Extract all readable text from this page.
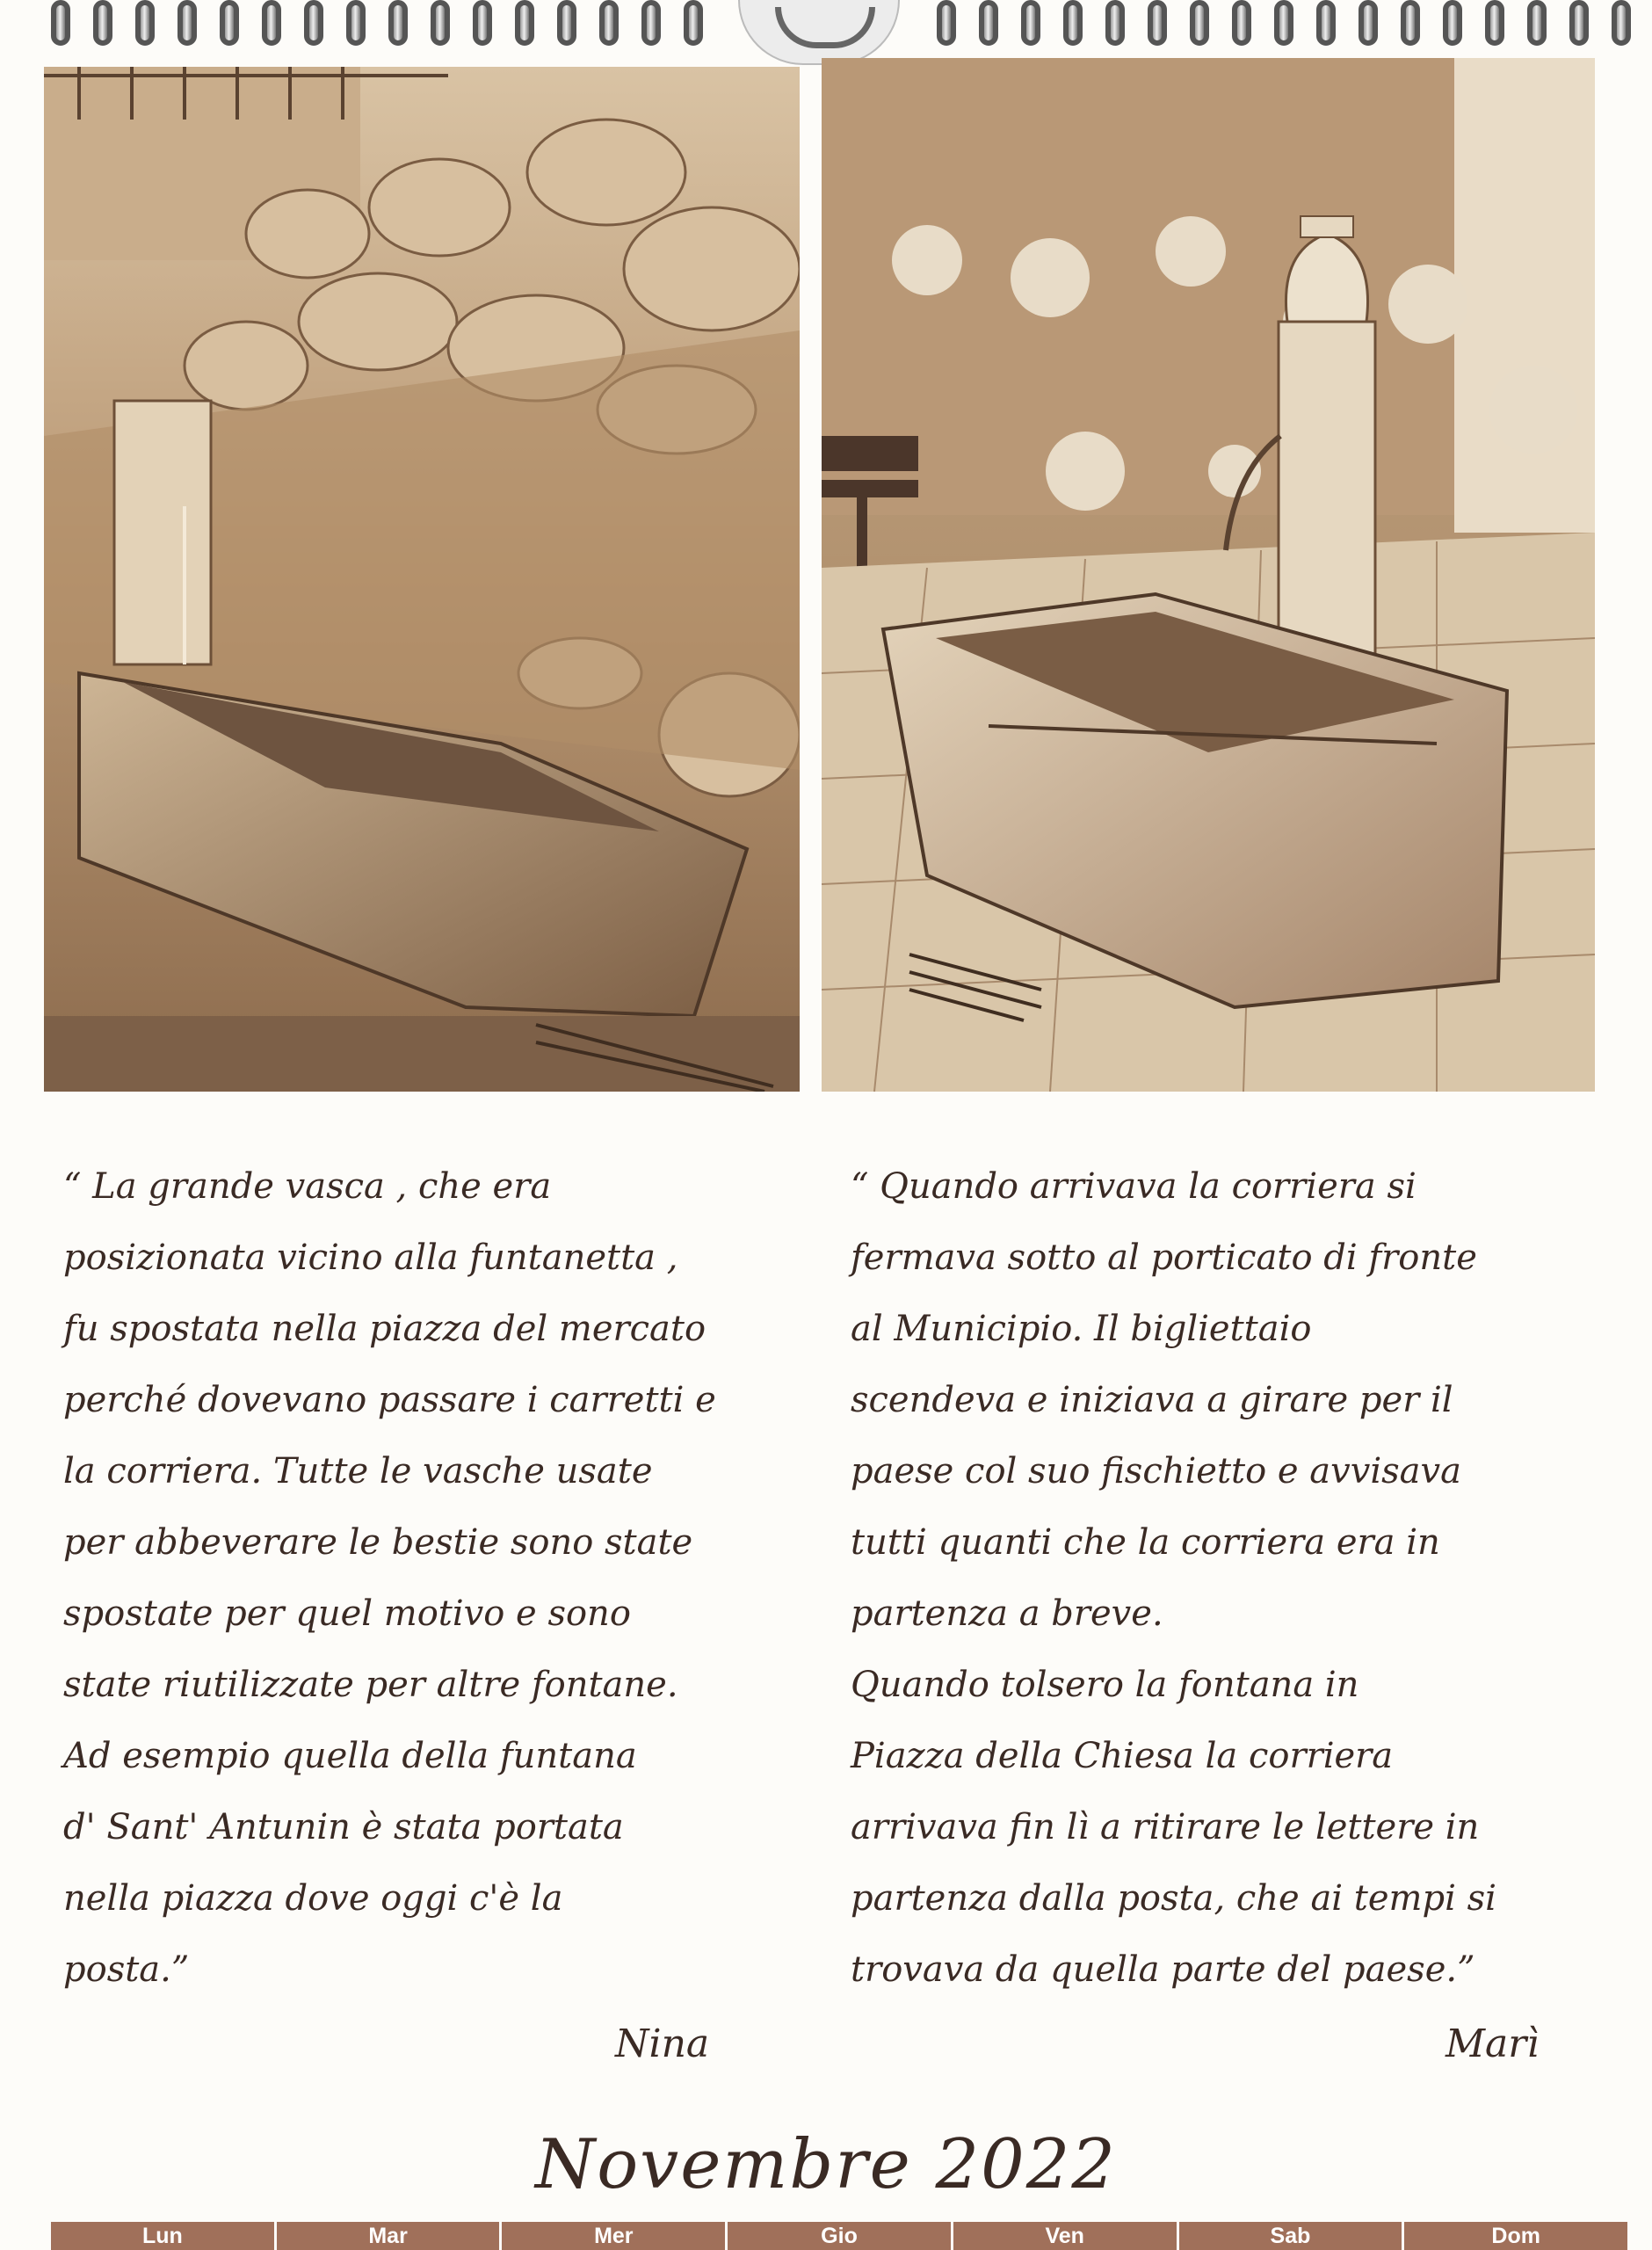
“ La grande vasca , che era
posizionata vicino alla funtanetta ,
fu spostata nella piazza del mercato
perché dovevano passare i carretti e
la corriera. Tutte le vasche usate
per abbeverare le bestie sono state
spostate per quel motivo e sono
state riutilizzate per altre fontane.
Ad esempio quella della funtana
d' Sant' Antunin è stata portata
nella piazza dove oggi c'è la
posta.”
Nina
“ Quando arrivava la corriera si
fermava sotto al porticato di fronte
al Municipio. Il bigliettaio
scendeva e iniziava a girare per il
paese col suo fischietto e avvisava
tutti quanti che la corriera era in
partenza a breve.
Quando tolsero la fontana in
Piazza della Chiesa la corriera
arrivava fin lì a ritirare le lettere in
partenza dalla posta, che ai tempi si
trovava da quella parte del paese.”
Marì
Novembre 2022
Lun	Mar	Mer	Gio	Ven	Sab	Dom
